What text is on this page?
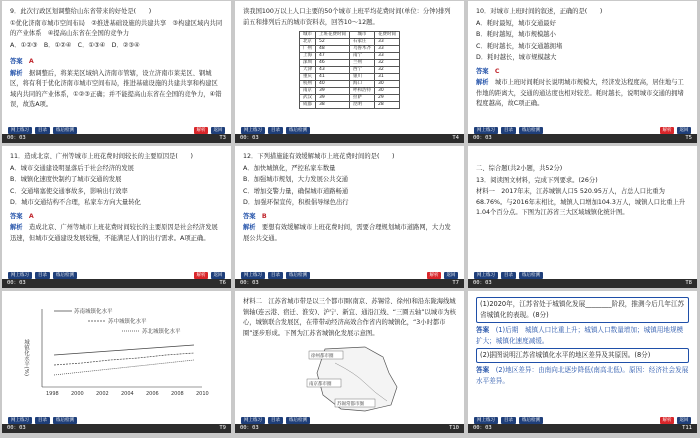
9．此次行政区划调整给山东省带来的好处是(　　)

①优化济南市城市空间布局　②推进基础设施的共建共享　③构建区域内共同的产业体系　④提高山东省在全国的竞争力

A．①②③　B．①②④　C．①③④　D．②③④

答案　 A

解析　 据调整后，将莱芜区域纳入济南市管辖，设立济南市莱芜区、钢城区，将有利于优化济南市城市空间布局，推进基础设施的共建共享和构建区域内共同的产业体系，①②③正确；并不能提高山东省在全国的竞争力，④错误，故选A项。

网上练习	目录	练后检测	解析	返回
00：03	T3

读我国100万以上人口主要的50个城市上班平均花费时间(单位：分钟)排列前五和排列后五的城市资料表，回答10～12题。

城市	上班花费时间	城市	花费时间
北京	52	石家庄	33
广州	48	乌鲁木齐	33
上海	47	南宁	33
深圳	46	兰州	32
天津	43	西宁	32
重庆	41	银川	31
杭州	40	海口	30
南京	39	呼和浩特	30
武汉	39	拉萨	29
成都	38	昆明	28
网上练习	目录	练后检测
00：03	T4

10．对城市上班时间的叙述，正确的是(　　)

A．耗时最短，城市交通最好

B．耗时越短，城市规模越小

C．耗时越长，城市交通越拥堵

D．耗时越长，城市规模越大

答案　 C

解析　 城市上班时间耗时长说明城市规模大，经济发达程度高，居住地与工作地的距离大，交通的通达度也相对较差。耗时越长，说明城市交通的拥堵程度越高，故C项正确。

网上练习	目录	练后检测	解析	返回
00：03	T5

11．造成北京、广州等城市上班花费时间较长的主要原因是(　　)

A．城市交通建设明显落后于社会经济的发展

B．城镇化速度快制约了城市交通的发展

C．交通堵塞使交通事故多，影响出行效率

D．城市交通结构不合理，私家车方向大量转化

答案　 A

解析　 造成北京、广州等城市上班花费时间较长的主要原因是社会经济发展迅速，但城市交通建设发展较慢，不能满足人们的出行需求。A项正确。

网上练习	目录	练后检测	解析	返回
00：03	T6

12．下列措施能有效缓解城市上班花费时间的是(　　)

A．加快城镇化，严控私家车数量

B．加强城市规划，大力发展公共交通

C．增加交警力量，确保城市道路畅通

D．加强环保宣传，积极倡导绿色出行

答案　 B

解析　 要想有效缓解城市上班花费时间，需要合理规划城市道路网，大力发展公共交通。

网上练习	目录	练后检测	解析	返回
00：03	T7

二、综合题(共2小题，共52分)

13．阅读图文材料，完成下列要求。(26分)

材料一　2017年末，江苏城镇人口5 520.95万人，占总人口比重为68.76%。与2016年末相比，城镇人口增加104.3万人，城镇人口比重上升1.04个百分点。下图为江苏省三大区域城镇化统计图。

网上练习	目录	练后检测
00：03	T8
苏南城镇化水平
苏中城镇化水平
苏北城镇化水平
城镇化水平(%)
1998 2000 2002 2004 2006 2008 2010
网上练习	目录	练后检测
00：03	T9

材料二　江苏省城市带是以三个都市圈(南京、苏锡常、徐州)和沿东陇海线城镇轴(连云港、宿迁、淮安)、沪宁、新宜、通沿江线、“三圈五轴”以城市为核心，城镇联合发展区，在带带动经济高效合作省内的城镇化，“3小时都市圈”逐步形成。下图为江苏省城镇化发展示意图。

徐州都市圈
南京都市圈
苏锡常都市圈
网上练习	目录	练后检测
00：03	T10
(1)2020年，江苏省处于城镇化发展________阶段，推测今后几年江苏省城镇化的表现。(8分)

答案　 (1)后期　城镇人口比重上升；城镇人口数量增加；城镇用地规模扩大；城镇化速度减缓。

(2)据图说明江苏省城镇化水平的地区差异及其原因。(8分)

答案　 (2)地区差异：由南向北逐步降低(南高北低)。原因：经济社会发展水平差异。

网上练习	目录	练后检测	解析	返回
00：03	T11
